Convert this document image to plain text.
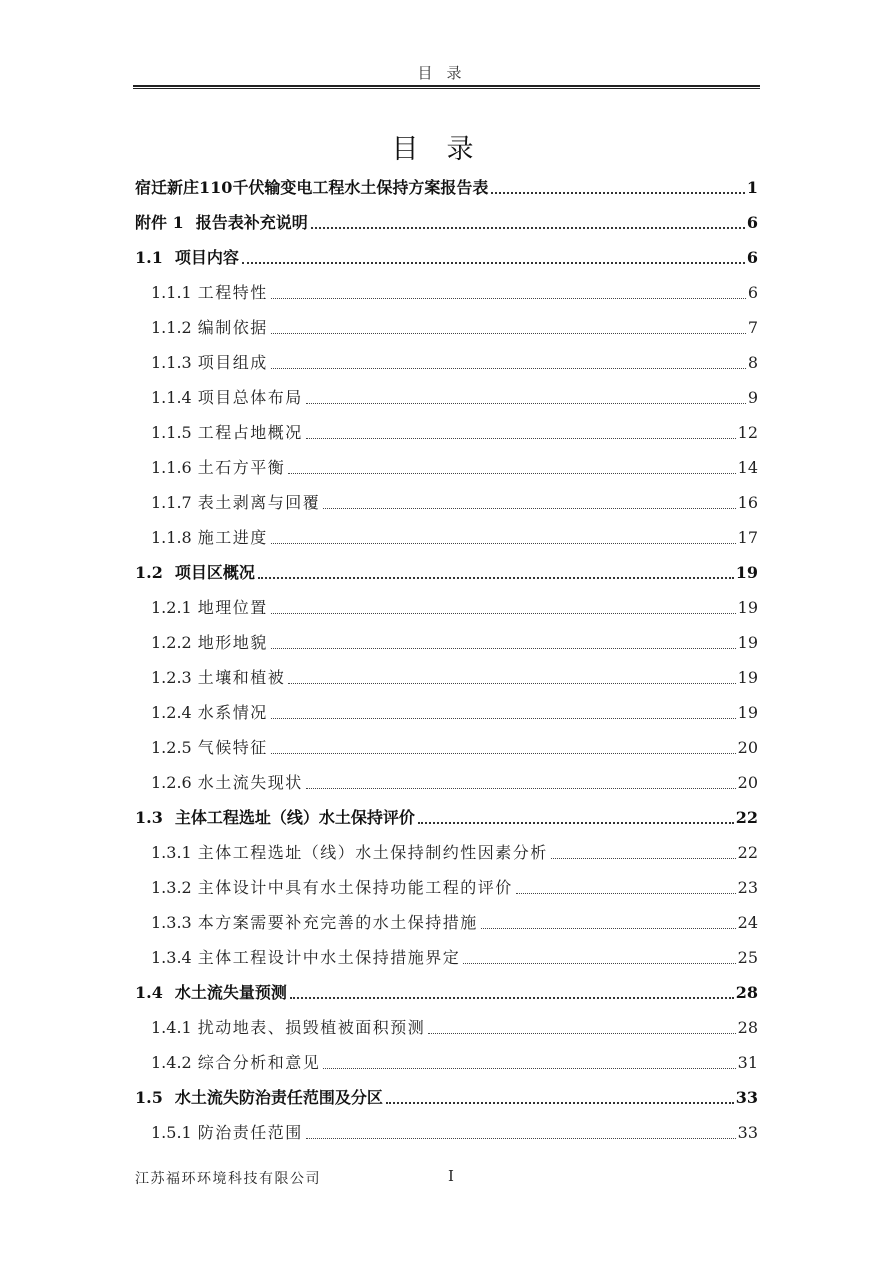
目录
目录
宿迁新庄110千伏输变电工程水土保持方案报告表	1
附件 1 报告表补充说明	6
1.1 项目内容	6
1.1.1 工程特性	6
1.1.2 编制依据	7
1.1.3 项目组成	8
1.1.4 项目总体布局	9
1.1.5 工程占地概况	12
1.1.6 土石方平衡	14
1.1.7 表土剥离与回覆	16
1.1.8 施工进度	17
1.2 项目区概况	19
1.2.1 地理位置	19
1.2.2 地形地貌	19
1.2.3 土壤和植被	19
1.2.4 水系情况	19
1.2.5 气候特征	20
1.2.6 水土流失现状	20
1.3 主体工程选址（线）水土保持评价	22
1.3.1 主体工程选址（线）水土保持制约性因素分析	22
1.3.2 主体设计中具有水土保持功能工程的评价	23
1.3.3 本方案需要补充完善的水土保持措施	24
1.3.4 主体工程设计中水土保持措施界定	25
1.4 水土流失量预测	28
1.4.1 扰动地表、损毁植被面积预测	28
1.4.2 综合分析和意见	31
1.5 水土流失防治责任范围及分区	33
1.5.1 防治责任范围	33
江苏福环环境科技有限公司	I
